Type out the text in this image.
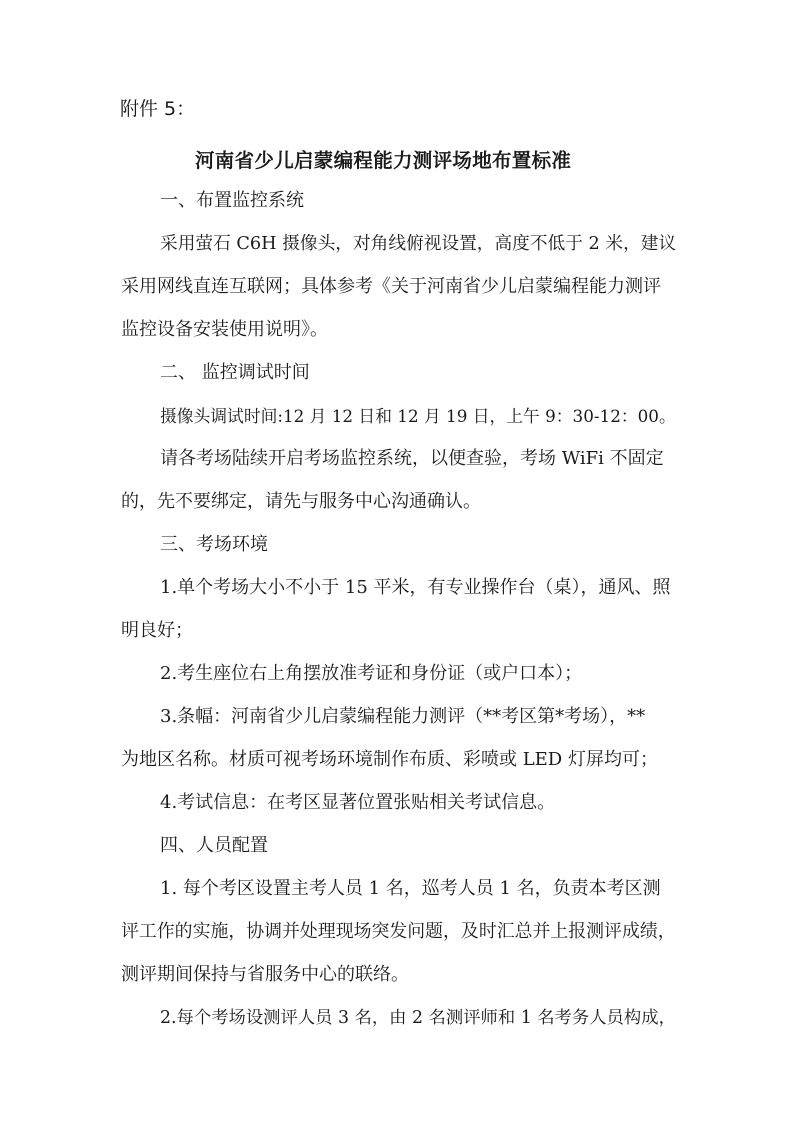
附件 5：
河南省少儿启蒙编程能力测评场地布置标准
一、布置监控系统
采用萤石 C6H 摄像头，对角线俯视设置，高度不低于 2 米，建议
采用网线直连互联网；具体参考《关于河南省少儿启蒙编程能力测评
监控设备安装使用说明》。
二、 监控调试时间
摄像头调试时间:12 月 12 日和 12 月 19 日，上午 9：30-12：00。
请各考场陆续开启考场监控系统，以便查验，考场 WiFi 不固定
的，先不要绑定，请先与服务中心沟通确认。
三、考场环境
1.单个考场大小不小于 15 平米，有专业操作台（桌），通风、照
明良好；
2.考生座位右上角摆放准考证和身份证（或户口本）；
3.条幅：河南省少儿启蒙编程能力测评（**考区第*考场），**
为地区名称。材质可视考场环境制作布质、彩喷或 LED 灯屏均可；
4.考试信息：在考区显著位置张贴相关考试信息。
四、人员配置
1. 每个考区设置主考人员 1 名，巡考人员 1 名，负责本考区测
评工作的实施，协调并处理现场突发问题，及时汇总并上报测评成绩，
测评期间保持与省服务中心的联络。
2.每个考场设测评人员 3 名，由 2 名测评师和 1 名考务人员构成，
